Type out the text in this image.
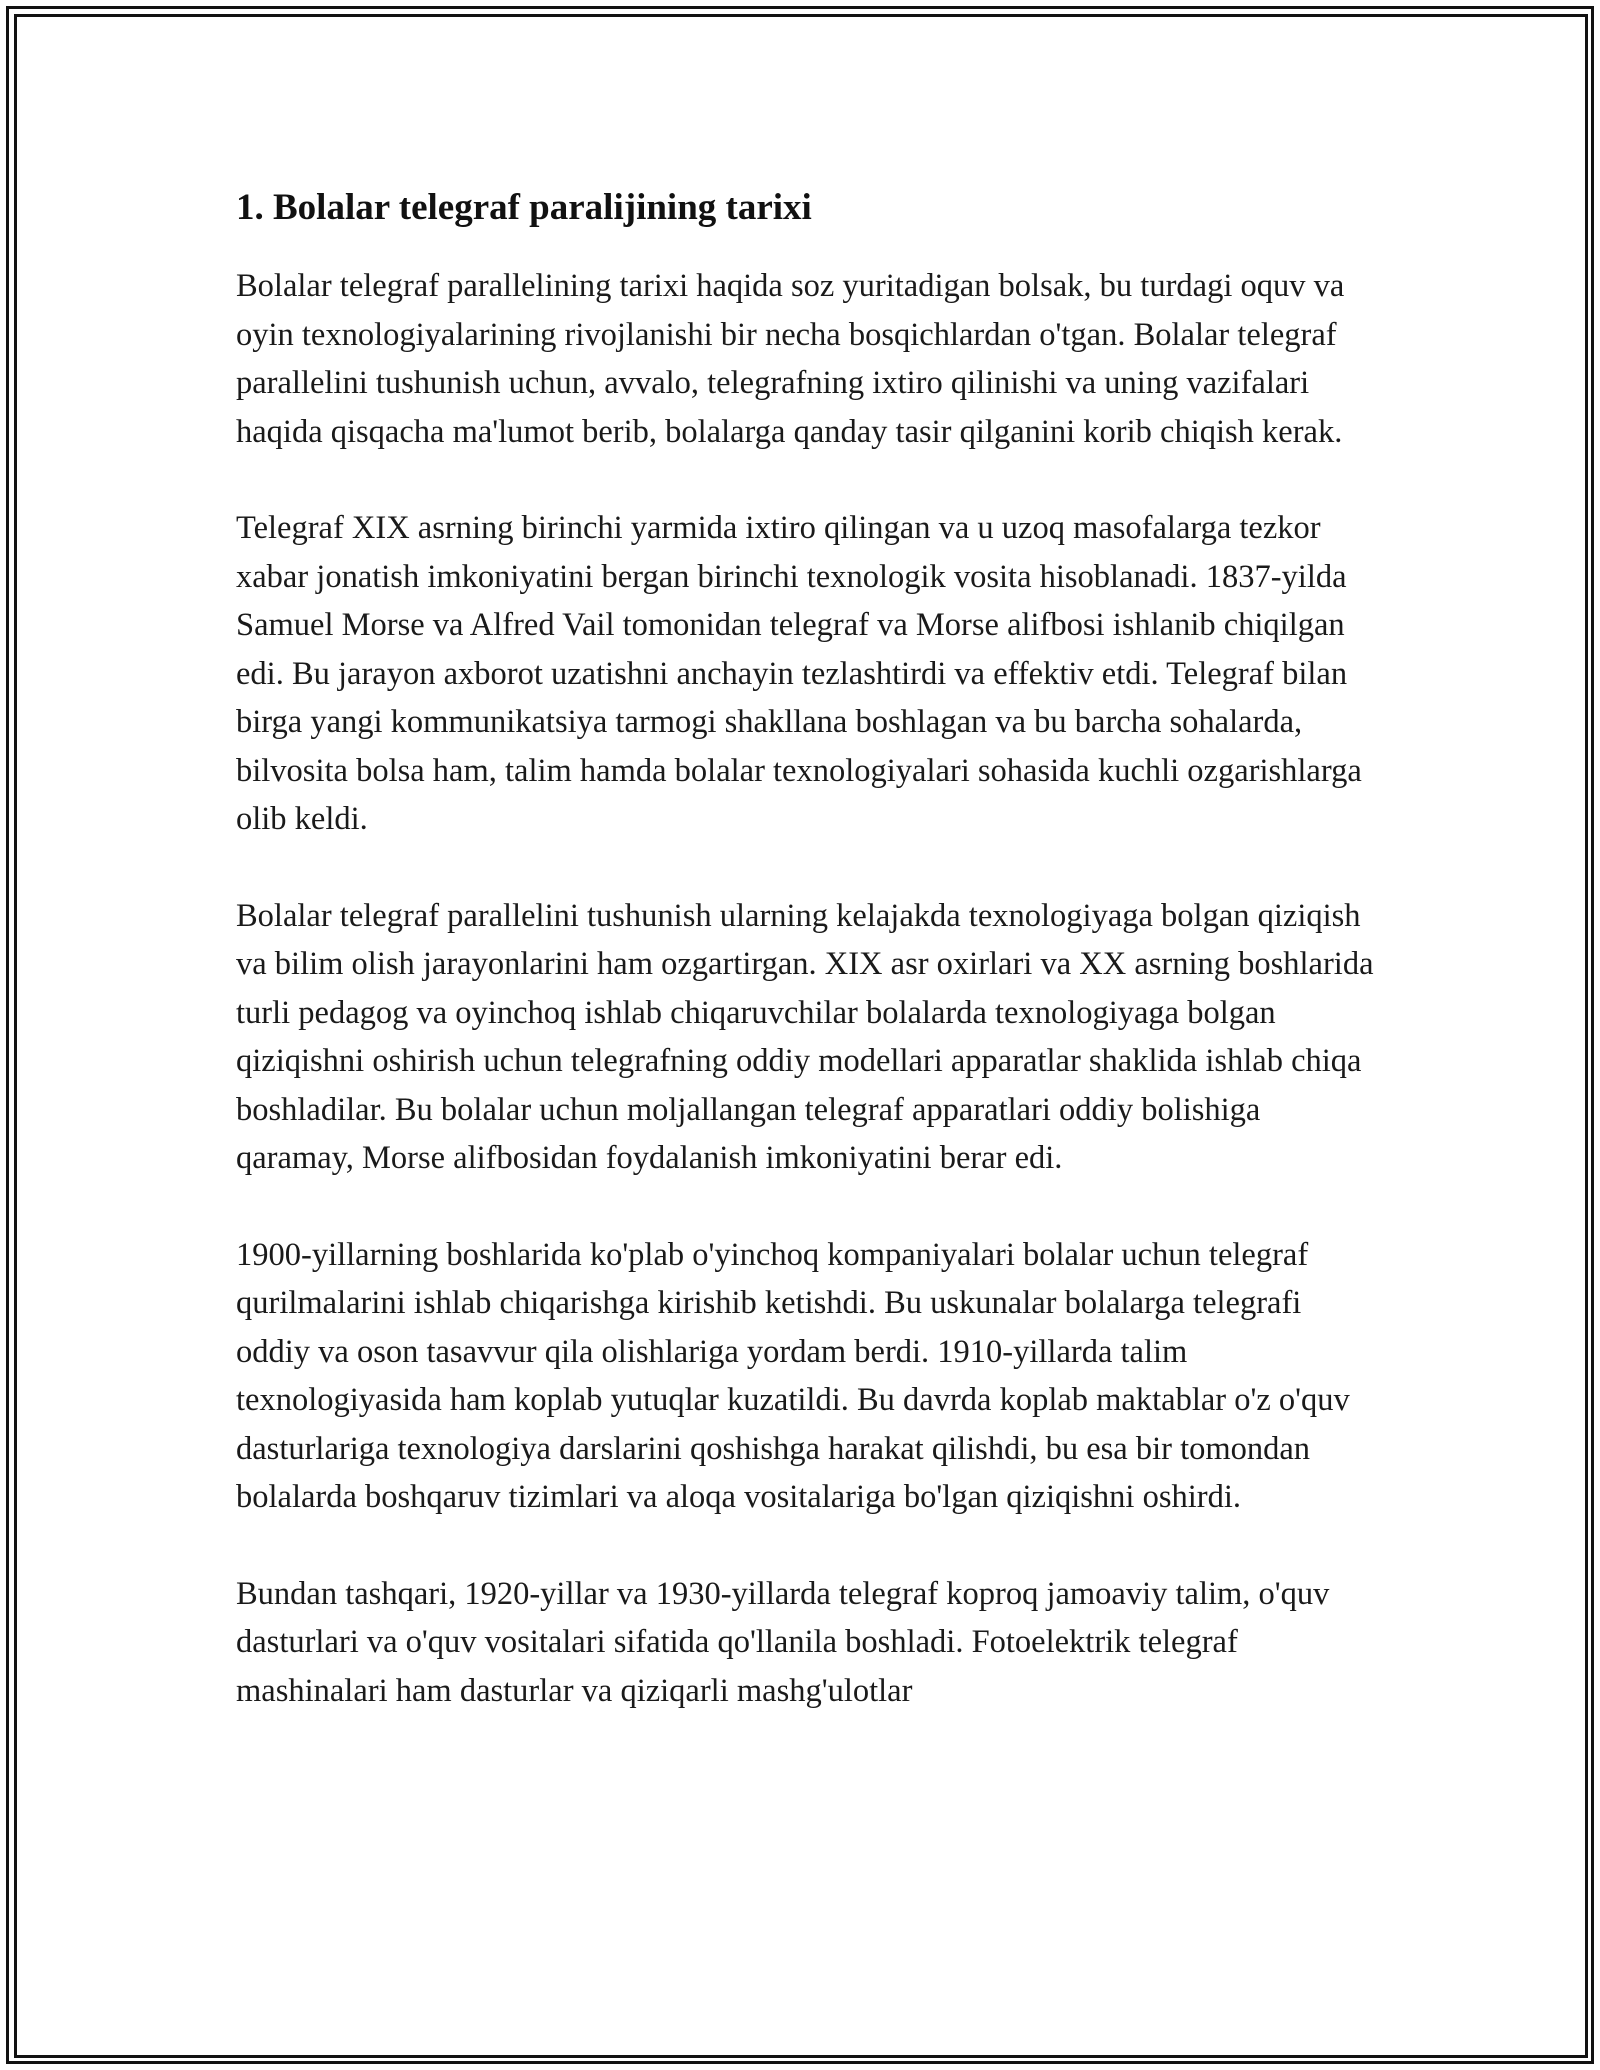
1. Bolalar telegraf paralijining tarixi

Bolalar telegraf parallelining tarixi haqida soz yuritadigan bolsak, bu turdagi oquv va oyin texnologiyalarining rivojlanishi bir necha bosqichlardan o'tgan. Bolalar telegraf parallelini tushunish uchun, avvalo, telegrafning ixtiro qilinishi va uning vazifalari haqida qisqacha ma'lumot berib, bolalarga qanday tasir qilganini korib chiqish kerak.

Telegraf XIX asrning birinchi yarmida ixtiro qilingan va u uzoq masofalarga tezkor xabar jonatish imkoniyatini bergan birinchi texnologik vosita hisoblanadi. 1837-yilda Samuel Morse va Alfred Vail tomonidan telegraf va Morse alifbosi ishlanib chiqilgan edi. Bu jarayon axborot uzatishni anchayin tezlashtirdi va effektiv etdi. Telegraf bilan birga yangi kommunikatsiya tarmogi shakllana boshlagan va bu barcha sohalarda, bilvosita bolsa ham, talim hamda bolalar texnologiyalari sohasida kuchli ozgarishlarga olib keldi.

Bolalar telegraf parallelini tushunish ularning kelajakda texnologiyaga bolgan qiziqish va bilim olish jarayonlarini ham ozgartirgan. XIX asr oxirlari va XX asrning boshlarida turli pedagog va oyinchoq ishlab chiqaruvchilar bolalarda texnologiyaga bolgan qiziqishni oshirish uchun telegrafning oddiy modellari apparatlar shaklida ishlab chiqa boshladilar. Bu bolalar uchun moljallangan telegraf apparatlari oddiy bolishiga qaramay, Morse alifbosidan foydalanish imkoniyatini berar edi.

1900-yillarning boshlarida ko'plab o'yinchoq kompaniyalari bolalar uchun telegraf qurilmalarini ishlab chiqarishga kirishib ketishdi. Bu uskunalar bolalarga telegrafi oddiy va oson tasavvur qila olishlariga yordam berdi. 1910-yillarda talim texnologiyasida ham koplab yutuqlar kuzatildi. Bu davrda koplab maktablar o'z o'quv dasturlariga texnologiya darslarini qoshishga harakat qilishdi, bu esa bir tomondan bolalarda boshqaruv tizimlari va aloqa vositalariga bo'lgan qiziqishni oshirdi.

Bundan tashqari, 1920-yillar va 1930-yillarda telegraf koproq jamoaviy talim, o'quv dasturlari va o'quv vositalari sifatida qo'llanila boshladi. Fotoelektrik telegraf mashinalari ham dasturlar va qiziqarli mashg'ulotlar
